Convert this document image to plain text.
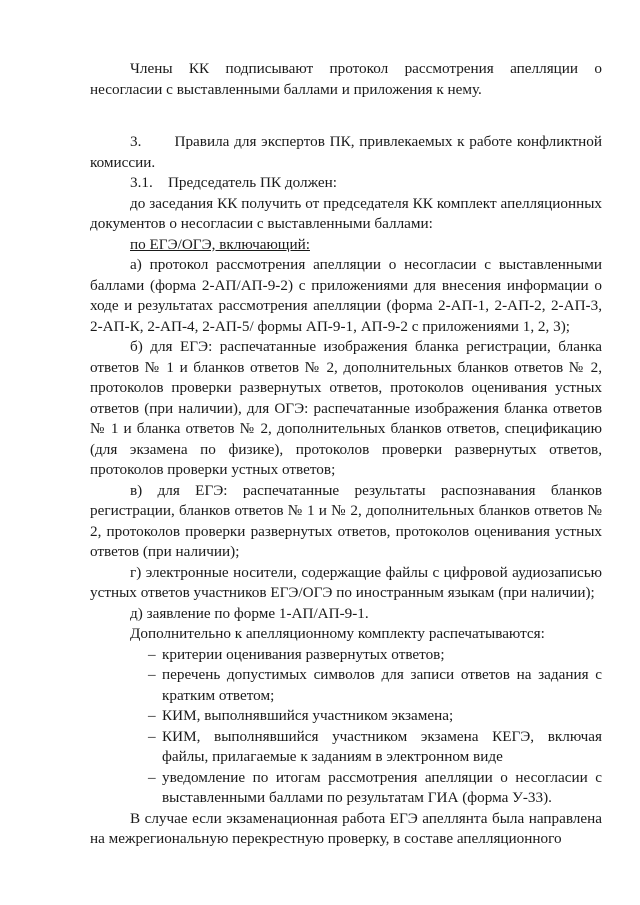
Члены КК подписывают протокол рассмотрения апелляции о несогласии с выставленными баллами и приложения к нему.

3.       Правила для экспертов ПК, привлекаемых к работе конфликтной комиссии.

3.1.    Председатель ПК должен:

до заседания КК получить от председателя КК комплект апелляционных документов о несогласии с выставленными баллами:

по ЕГЭ/ОГЭ, включающий:

а) протокол рассмотрения апелляции о несогласии с выставленными баллами (форма 2-АП/АП-9-2) с приложениями для внесения информации о ходе и результатах рассмотрения апелляции (форма 2-АП-1, 2-АП-2, 2-АП-3, 2-АП-К, 2-АП-4, 2-АП-5/ формы АП-9-1, АП-9-2 с приложениями 1, 2, 3);

б) для ЕГЭ: распечатанные изображения бланка регистрации, бланка ответов № 1 и бланков ответов № 2, дополнительных бланков ответов № 2, протоколов проверки развернутых ответов, протоколов оценивания устных ответов (при наличии), для ОГЭ: распечатанные изображения бланка ответов № 1 и бланка ответов № 2, дополнительных бланков ответов, спецификацию (для экзамена по физике), протоколов проверки развернутых ответов, протоколов проверки устных ответов;

в) для ЕГЭ: распечатанные результаты распознавания бланков регистрации, бланков ответов № 1 и № 2, дополнительных бланков ответов № 2, протоколов проверки развернутых ответов, протоколов оценивания устных ответов (при наличии);

г) электронные носители, содержащие файлы с цифровой аудиозаписью устных ответов участников ЕГЭ/ОГЭ по иностранным языкам (при наличии);

д) заявление по форме 1-АП/АП-9-1.

Дополнительно к апелляционному комплекту распечатываются:

– критерии оценивания развернутых ответов;
– перечень допустимых символов для записи ответов на задания с кратким ответом;
– КИМ, выполнявшийся участником экзамена;
– КИМ, выполнявшийся участником экзамена КЕГЭ, включая файлы, прилагаемые к заданиям в электронном виде
– уведомление по итогам рассмотрения апелляции о несогласии с выставленными баллами по результатам ГИА (форма У-33).

В случае если экзаменационная работа ЕГЭ апеллянта была направлена на межрегиональную перекрестную проверку, в составе апелляционного
